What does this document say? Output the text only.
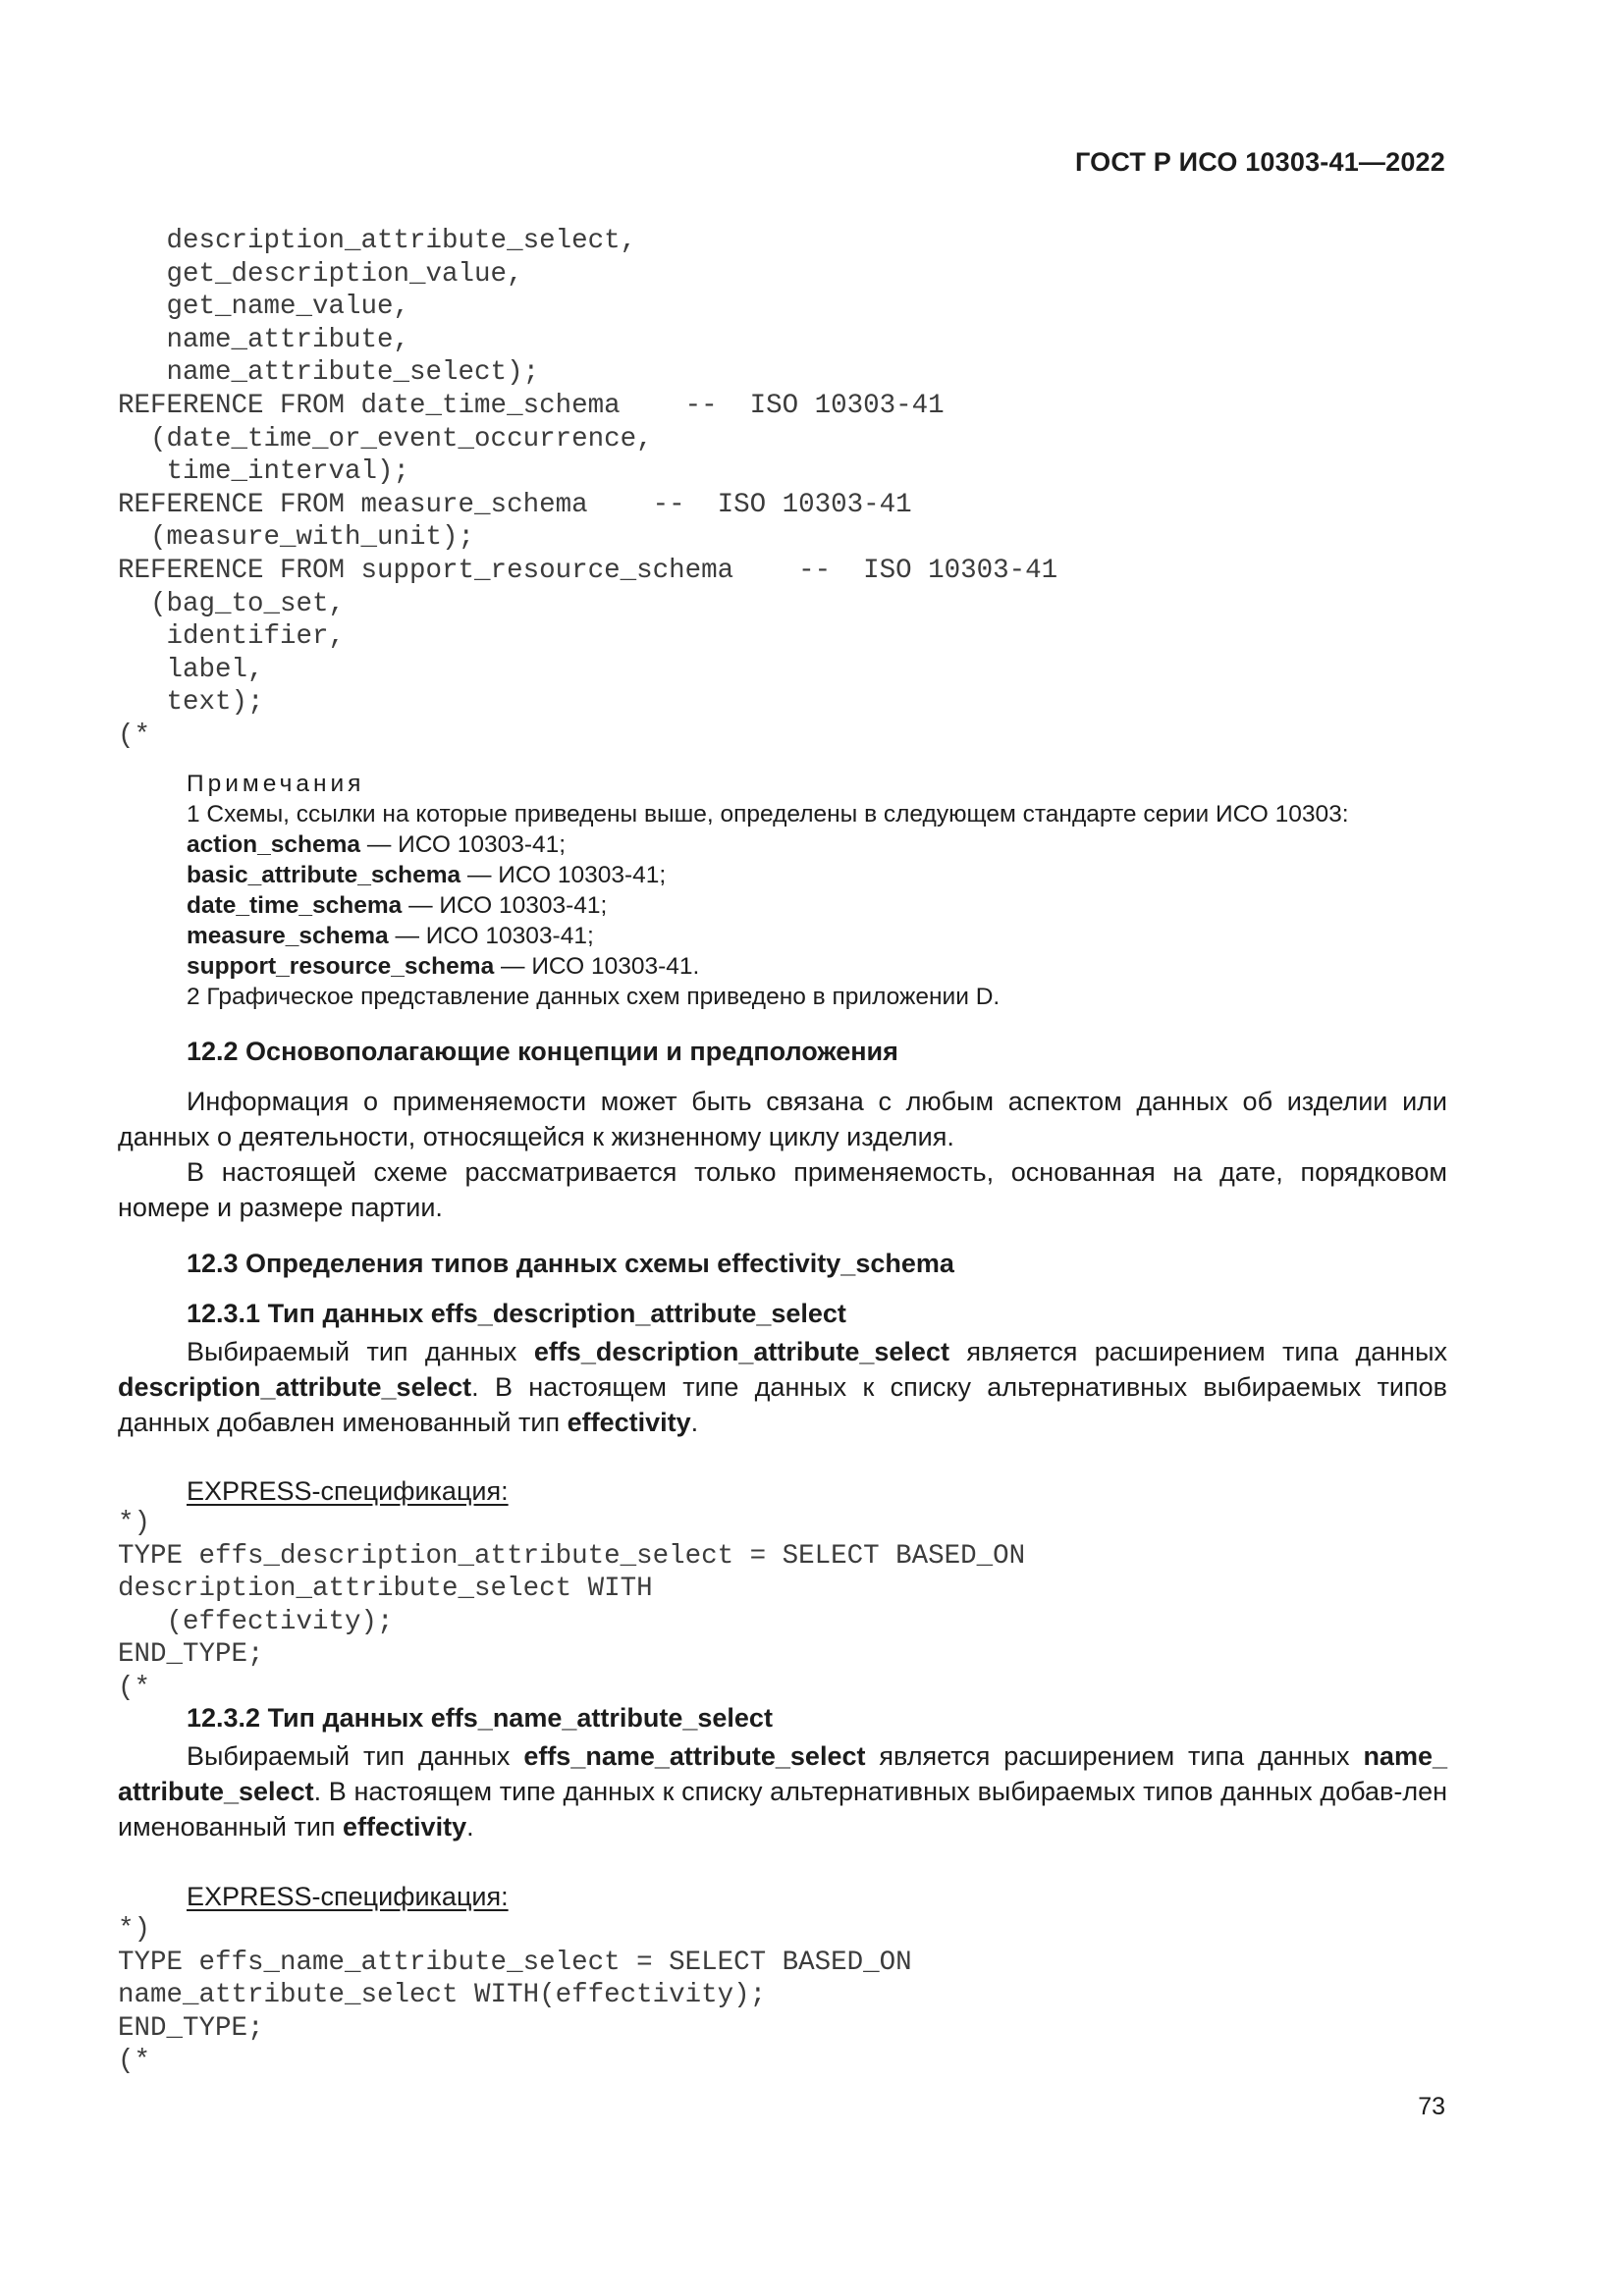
ГОСТ Р ИСО 10303-41—2022
description_attribute_select,
get_description_value,
get_name_value,
name_attribute,
name_attribute_select);
REFERENCE FROM date_time_schema    --  ISO 10303-41
(date_time_or_event_occurrence,
time_interval);
REFERENCE FROM measure_schema    --  ISO 10303-41
(measure_with_unit);
REFERENCE FROM support_resource_schema    --  ISO 10303-41
(bag_to_set,
identifier,
label,
text);
(*
Примечания
1 Схемы, ссылки на которые приведены выше, определены в следующем стандарте серии ИСО 10303:
action_schema — ИСО 10303-41;
basic_attribute_schema — ИСО 10303-41;
date_time_schema — ИСО 10303-41;
measure_schema — ИСО 10303-41;
support_resource_schema — ИСО 10303-41.
2 Графическое представление данных схем приведено в приложении D.
12.2 Основополагающие концепции и предположения

Информация о применяемости может быть связана с любым аспектом данных об изделии или данных о деятельности, относящейся к жизненному циклу изделия.

В настоящей схеме рассматривается только применяемость, основанная на дате, порядковом номере и размере партии.

12.3 Определения типов данных схемы effectivity_schema
12.3.1 Тип данных effs_description_attribute_select

Выбираемый тип данных effs_description_attribute_select является расширением типа данных description_attribute_select. В настоящем типе данных к списку альтернативных выбираемых типов данных добавлен именованный тип effectivity.

EXPRESS-спецификация:
*)
TYPE effs_description_attribute_select = SELECT BASED_ON
description_attribute_select WITH
(effectivity);
END_TYPE;
(*
12.3.2 Тип данных effs_name_attribute_select

Выбираемый тип данных effs_name_attribute_select является расширением типа данных name_ attribute_select. В настоящем типе данных к списку альтернативных выбираемых типов данных добав-лен именованный тип effectivity.

EXPRESS-спецификация:
*)
TYPE effs_name_attribute_select = SELECT BASED_ON
name_attribute_select WITH(effectivity);
END_TYPE;
(*
73
